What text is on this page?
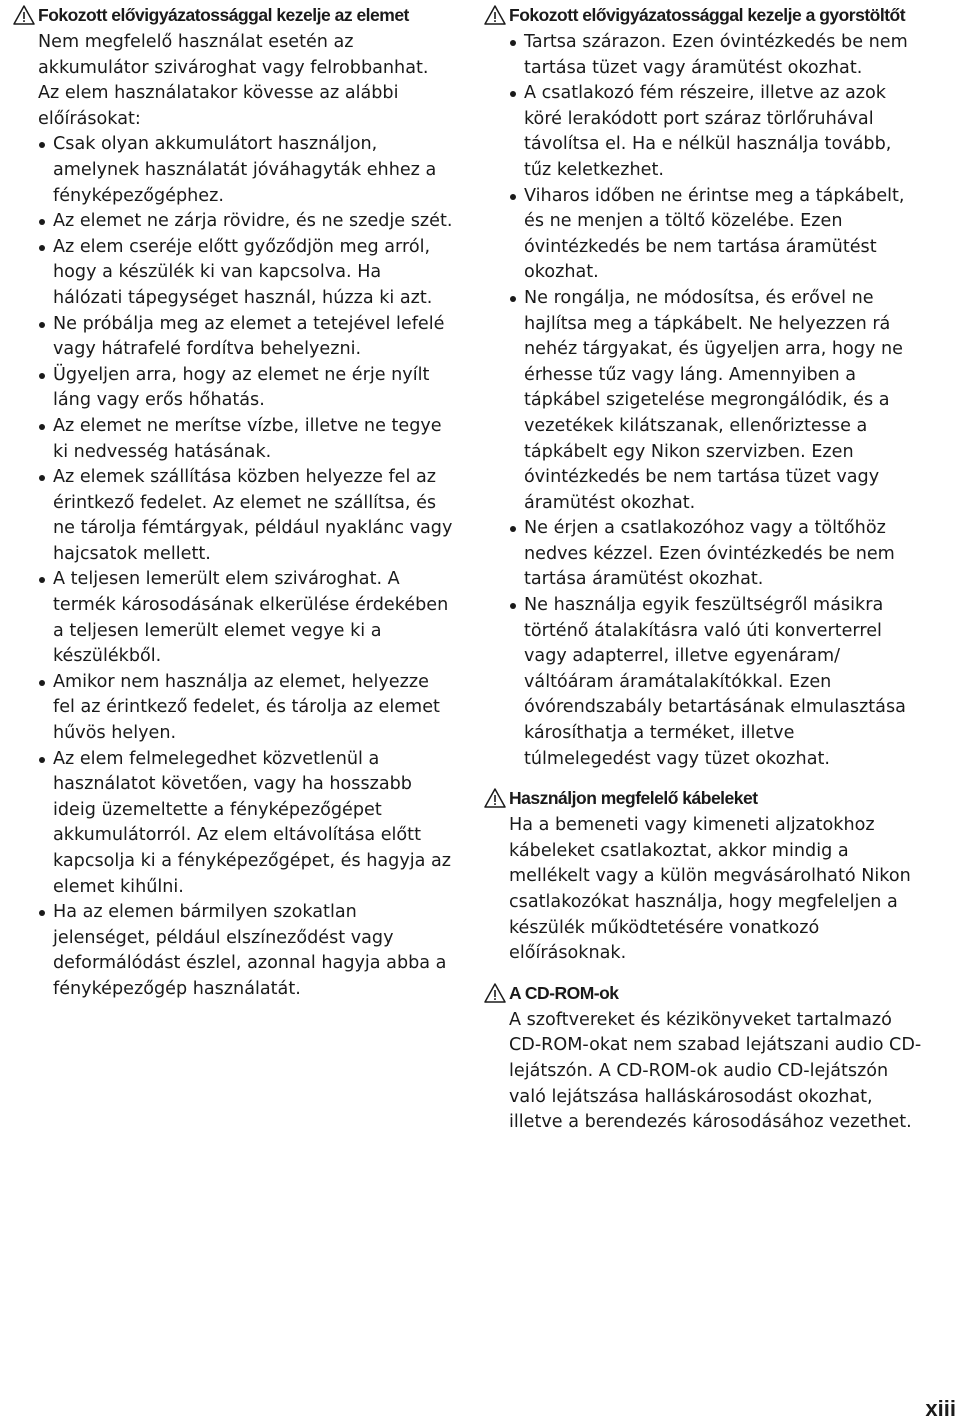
Fokozott elővigyázatossággal kezelje az elemet
Nem megfelelő használat esetén az akkumulátor szivároghat vagy felrobbanhat. Az elem használatakor kövesse az alábbi előírásokat:
Csak olyan akkumulátort használjon, amelynek használatát jóváhagyták ehhez a fényképezőgéphez.
Az elemet ne zárja rövidre, és ne szedje szét.
Az elem cseréje előtt győződjön meg arról, hogy a készülék ki van kapcsolva. Ha hálózati tápegységet használ, húzza ki azt.
Ne próbálja meg az elemet a tetejével lefelé vagy hátrafelé fordítva behelyezni.
Ügyeljen arra, hogy az elemet ne érje nyílt láng vagy erős hőhatás.
Az elemet ne merítse vízbe, illetve ne tegye ki nedvesség hatásának.
Az elemek szállítása közben helyezze fel az érintkező fedelet. Az elemet ne szállítsa, és ne tárolja fémtárgyak, például nyaklánc vagy hajcsatok mellett.
A teljesen lemerült elem szivároghat. A termék károsodásának elkerülése érdekében a teljesen lemerült elemet vegye ki a készülékből.
Amikor nem használja az elemet, helyezze fel az érintkező fedelet, és tárolja az elemet hűvös helyen.
Az elem felmelegedhet közvetlenül a használatot követően, vagy ha hosszabb ideig üzemeltette a fényképezőgépet akkumulátorról. Az elem eltávolítása előtt kapcsolja ki a fényképezőgépet, és hagyja az elemet kihűlni.
Ha az elemen bármilyen szokatlan jelenséget, például elszíneződést vagy deformálódást észlel, azonnal hagyja abba a fényképezőgép használatát.
Fokozott elővigyázatossággal kezelje a gyorstöltőt
Tartsa szárazon. Ezen óvintézkedés be nem tartása tüzet vagy áramütést okozhat.
A csatlakozó fém részeire, illetve az azok köré lerakódott port száraz törlőruhával távolítsa el. Ha e nélkül használja tovább, tűz keletkezhet.
Viharos időben ne érintse meg a tápkábelt, és ne menjen a töltő közelébe. Ezen óvintézkedés be nem tartása áramütést okozhat.
Ne rongálja, ne módosítsa, és erővel ne hajlítsa meg a tápkábelt. Ne helyezzen rá nehéz tárgyakat, és ügyeljen arra, hogy ne érhesse tűz vagy láng. Amennyiben a tápkábel szigetelése megrongálódik, és a vezetékek kilátszanak, ellenőriztesse a tápkábelt egy Nikon szervizben. Ezen óvintézkedés be nem tartása tüzet vagy áramütést okozhat.
Ne érjen a csatlakozóhoz vagy a töltőhöz nedves kézzel. Ezen óvintézkedés be nem tartása áramütést okozhat.
Ne használja egyik feszültségről másikra történő átalakításra való úti konverterrel vagy adapterrel, illetve egyenáram/ váltóáram áramátalakítókkal. Ezen óvórendszabály betartásának elmulasztása károsíthatja a terméket, illetve túlmelegedést vagy tüzet okozhat.
Használjon megfelelő kábeleket
Ha a bemeneti vagy kimeneti aljzatokhoz kábeleket csatlakoztat, akkor mindig a mellékelt vagy a külön megvásárolható Nikon csatlakozókat használja, hogy megfeleljen a készülék működtetésére vonatkozó előírásoknak.
A CD-ROM-ok
A szoftvereket és kézikönyveket tartalmazó CD-ROM-okat nem szabad lejátszani audio CD-lejátszón. A CD-ROM-ok audio CD-lejátszón való lejátszása halláskárosodást okozhat, illetve a berendezés károsodásához vezethet.
xiii
